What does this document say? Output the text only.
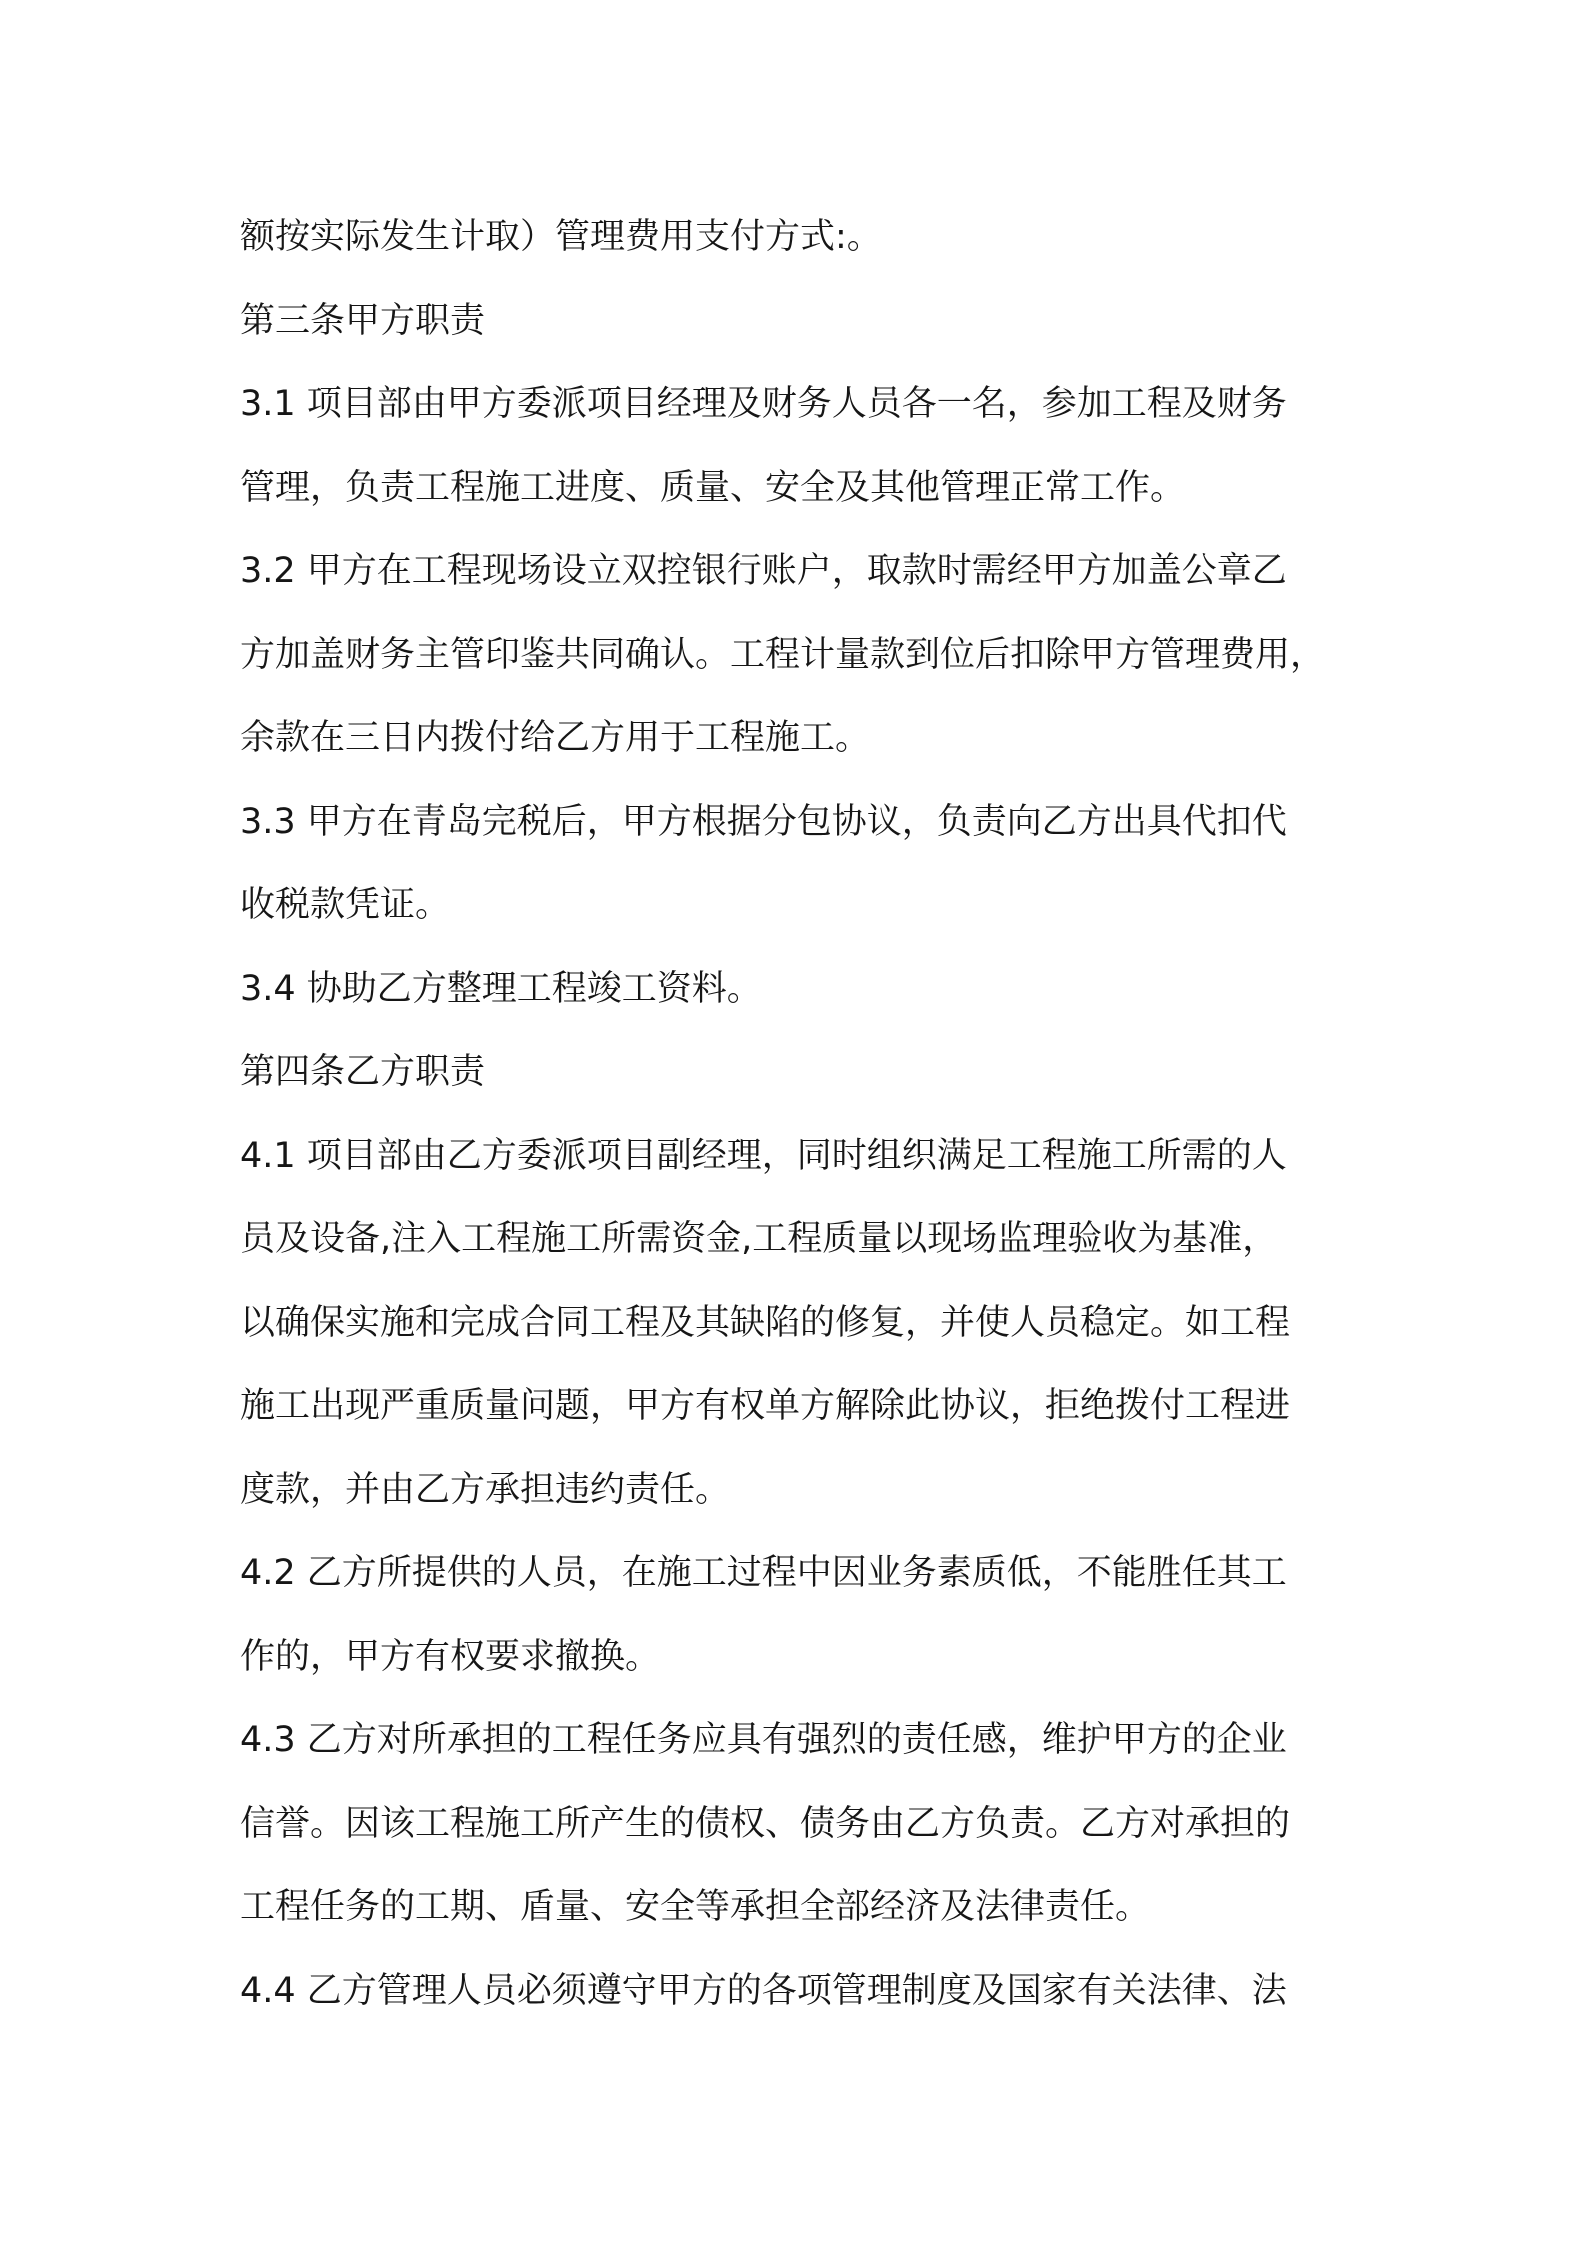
额按实际发生计取）管理费用支付方式:。
第三条甲方职责
3.1 项目部由甲方委派项目经理及财务人员各一名，参加工程及财务
管理，负责工程施工进度、质量、安全及其他管理正常工作。
3.2 甲方在工程现场设立双控银行账户，取款时需经甲方加盖公章乙
方加盖财务主管印鉴共同确认。工程计量款到位后扣除甲方管理费用，
余款在三日内拨付给乙方用于工程施工。
3.3 甲方在青岛完税后，甲方根据分包协议，负责向乙方出具代扣代
收税款凭证。
3.4 协助乙方整理工程竣工资料。
第四条乙方职责
4.1 项目部由乙方委派项目副经理，同时组织满足工程施工所需的人
员及设备,注入工程施工所需资金,工程质量以现场监理验收为基准，
以确保实施和完成合同工程及其缺陷的修复，并使人员稳定。如工程
施工出现严重质量问题，甲方有权单方解除此协议，拒绝拨付工程进
度款，并由乙方承担违约责任。
4.2 乙方所提供的人员，在施工过程中因业务素质低，不能胜任其工
作的，甲方有权要求撤换。
4.3 乙方对所承担的工程任务应具有强烈的责任感，维护甲方的企业
信誉。因该工程施工所产生的债权、债务由乙方负责。乙方对承担的
工程任务的工期、盾量、安全等承担全部经济及法律责任。
4.4 乙方管理人员必须遵守甲方的各项管理制度及国家有关法律、法
